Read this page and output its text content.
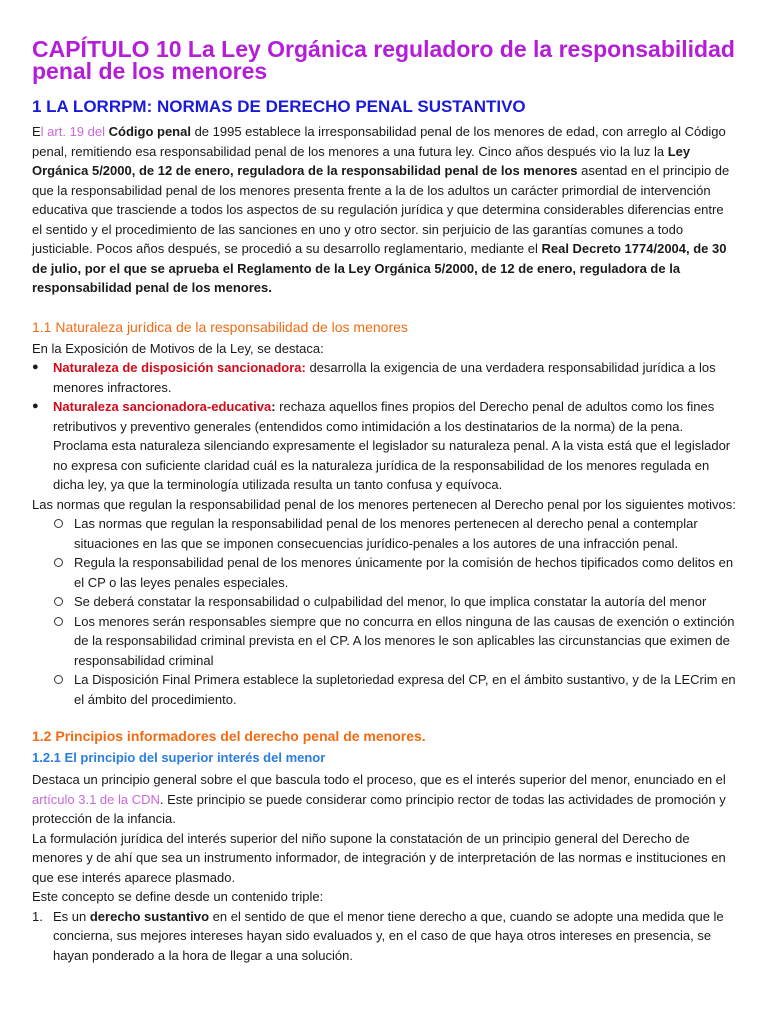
CAPÍTULO 10 La Ley Orgánica reguladoro de la responsabilidad penal de los menores
1 LA LORRPM: NORMAS DE DERECHO PENAL SUSTANTIVO

El art. 19 del Código penal de 1995 establece la irresponsabilidad penal de los menores de edad, con arreglo al Código penal, remitiendo esa responsabilidad penal de los menores a una futura ley. Cinco años después vio la luz la Ley Orgánica 5/2000, de 12 de enero, reguladora de la responsabilidad penal de los menores asentad en el principio de que la responsabilidad penal de los menores presenta frente a la de los adultos un carácter primordial de intervención educativa que trasciende a todos los aspectos de su regulación jurídica y que determina considerables diferencias entre el sentido y el procedimiento de las sanciones en uno y otro sector. sin perjuicio de las garantías comunes a todo justiciable. Pocos años después, se procedió a su desarrollo reglamentario, mediante el Real Decreto 1774/2004, de 30 de julio, por el que se aprueba el Reglamento de la Ley Orgánica 5/2000, de 12 de enero, reguladora de la responsabilidad penal de los menores.

1.1 Naturaleza jurídica de la responsabilidad de los menores

En la Exposición de Motivos de la Ley, se destaca:

● Naturaleza de disposición sancionadora: desarrolla la exigencia de una verdadera responsabilidad jurídica a los menores infractores.
● Naturaleza sancionadora-educativa: rechaza aquellos fines propios del Derecho penal de adultos como los fines retributivos y preventivo generales (entendidos como intimidación a los destinatarios de la norma) de la pena. Proclama esta naturaleza silenciando expresamente el legislador su naturaleza penal. A la vista está que el legislador no expresa con suficiente claridad cuál es la naturaleza jurídica de la responsabilidad de los menores regulada en dicha ley, ya que la terminología utilizada resulta un tanto confusa y equívoca.

Las normas que regulan la responsabilidad penal de los menores pertenecen al Derecho penal por los siguientes motivos:

Las normas que regulan la responsabilidad penal de los menores pertenecen al derecho penal a contemplar situaciones en las que se imponen consecuencias jurídico-penales a los autores de una infracción penal.
Regula la responsabilidad penal de los menores únicamente por la comisión de hechos tipificados como delitos en el CP o las leyes penales especiales.
Se deberá constatar la responsabilidad o culpabilidad del menor, lo que implica constatar la autoría del menor
Los menores serán responsables siempre que no concurra en ellos ninguna de las causas de exención o extinción de la responsabilidad criminal prevista en el CP. A los menores le son aplicables las circunstancias que eximen de responsabilidad criminal
La Disposición Final Primera establece la supletoriedad expresa del CP, en el ámbito sustantivo, y de la LECrim en el ámbito del procedimiento.
1.2 Principios informadores del derecho penal de menores.
1.2.1 El principio del superior interés del menor

Destaca un principio general sobre el que bascula todo el proceso, que es el interés superior del menor, enunciado en el artículo 3.1 de la CDN. Este principio se puede considerar como principio rector de todas las actividades de promoción y protección de la infancia.

La formulación jurídica del interés superior del niño supone la constatación de un principio general del Derecho de menores y de ahí que sea un instrumento informador, de integración y de interpretación de las normas e instituciones en que ese interés aparece plasmado.

Este concepto se define desde un contenido triple:

1. Es un derecho sustantivo en el sentido de que el menor tiene derecho a que, cuando se adopte una medida que le concierna, sus mejores intereses hayan sido evaluados y, en el caso de que haya otros intereses en presencia, se hayan ponderado a la hora de llegar a una solución.
